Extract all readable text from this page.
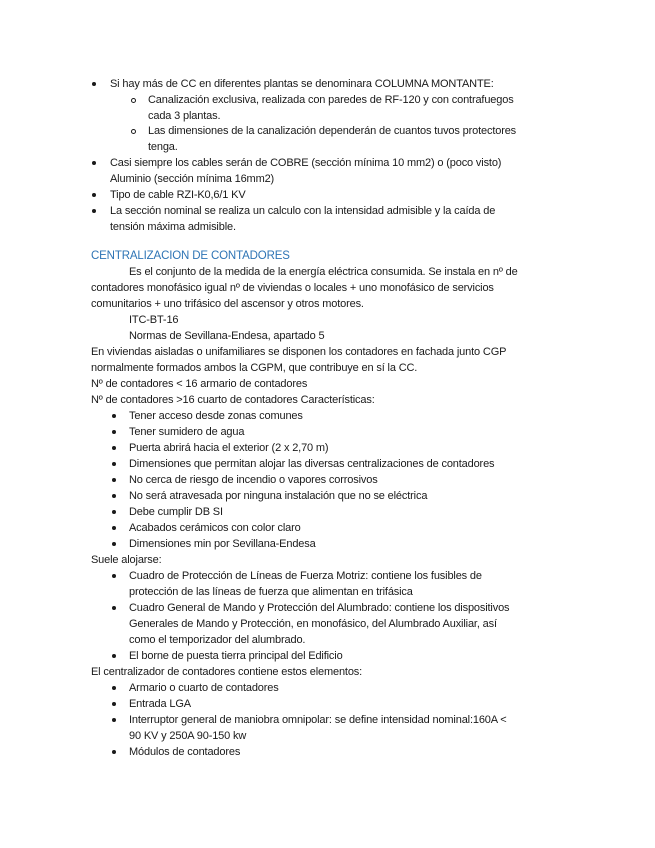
Si hay más de CC en diferentes plantas se denominara COLUMNA MONTANTE:
Canalización exclusiva, realizada con paredes de RF-120 y con contrafuegos
cada 3 plantas.
Las dimensiones de la canalización dependerán de cuantos tuvos protectores
tenga.
Casi siempre los cables serán de COBRE (sección mínima 10 mm2) o (poco visto)
Aluminio (sección mínima 16mm2)
Tipo de cable RZI-K0,6/1 KV
La sección nominal se realiza un calculo con la intensidad admisible y la caída de
tensión máxima admisible.
CENTRALIZACION DE CONTADORES
Es el conjunto de la medida de la energía eléctrica consumida. Se instala en nº de
contadores monofásico igual nº de viviendas o locales + uno monofásico de servicios
comunitarios + uno trifásico del ascensor y otros motores.
ITC-BT-16
Normas de Sevillana-Endesa, apartado 5
En viviendas aisladas o unifamiliares se disponen los contadores en fachada junto CGP
normalmente formados ambos la CGPM, que contribuye en sí la CC.
Nº de contadores < 16 armario de contadores
Nº de contadores >16 cuarto de contadores Características:
Tener acceso desde zonas comunes
Tener sumidero de agua
Puerta abrirá hacia el exterior (2 x 2,70 m)
Dimensiones que permitan alojar las diversas centralizaciones de contadores
No cerca de riesgo de incendio o vapores corrosivos
No será atravesada por ninguna instalación que no se eléctrica
Debe cumplir DB SI
Acabados cerámicos con color claro
Dimensiones min por Sevillana-Endesa
Suele alojarse:
Cuadro de Protección de Líneas de Fuerza Motriz: contiene los fusibles de
protección de las líneas de fuerza que alimentan en trifásica
Cuadro General de Mando y Protección del Alumbrado: contiene los dispositivos
Generales de Mando y Protección, en monofásico, del Alumbrado Auxiliar, así
como el temporizador del alumbrado.
El borne de puesta tierra principal del Edificio
El centralizador de contadores contiene estos elementos:
Armario o cuarto de contadores
Entrada LGA
Interruptor general de maniobra omnipolar: se define intensidad nominal:160A <
90 KV y 250A 90-150 kw
Módulos de contadores
